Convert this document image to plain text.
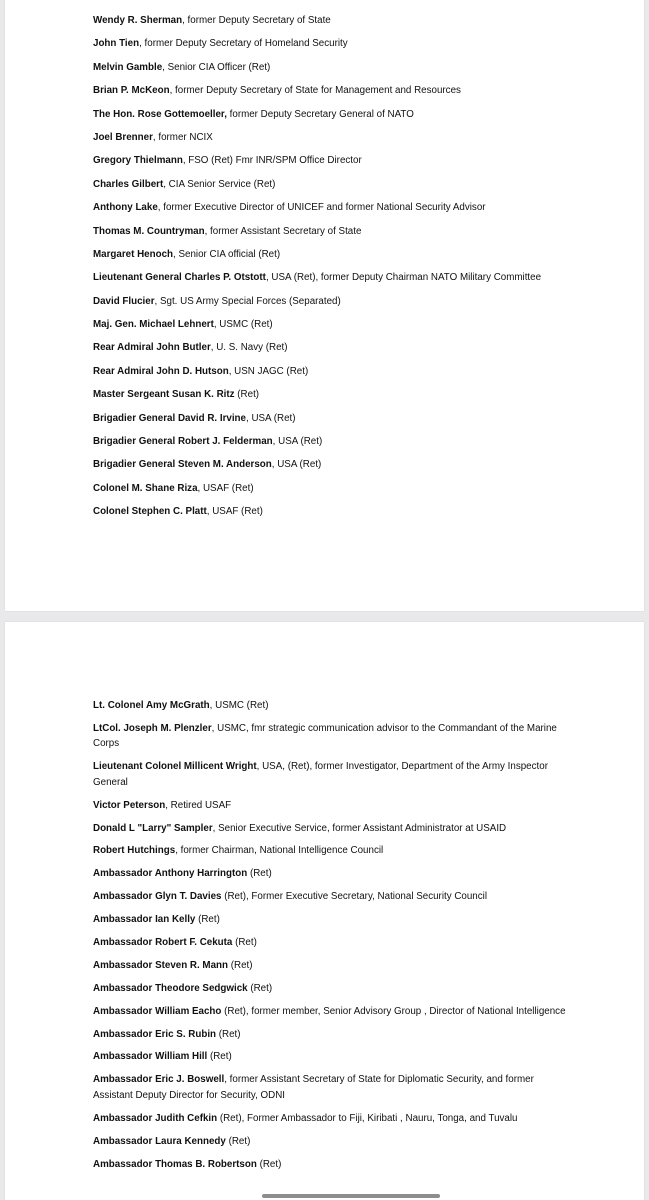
Wendy R. Sherman, former Deputy Secretary of State
John Tien, former Deputy Secretary of Homeland Security
Melvin Gamble, Senior CIA Officer (Ret)
Brian P. McKeon, former Deputy Secretary of State for Management and Resources
The Hon. Rose Gottemoeller, former Deputy Secretary General of NATO
Joel Brenner, former NCIX
Gregory Thielmann, FSO (Ret) Fmr INR/SPM Office Director
Charles Gilbert, CIA Senior Service (Ret)
Anthony Lake, former Executive Director of UNICEF and former National Security Advisor
Thomas M. Countryman, former Assistant Secretary of State
Margaret Henoch, Senior CIA official (Ret)
Lieutenant General Charles P. Otstott, USA (Ret), former Deputy Chairman NATO Military Committee
David Flucier, Sgt. US Army Special Forces (Separated)
Maj. Gen. Michael Lehnert, USMC (Ret)
Rear Admiral John Butler, U. S. Navy (Ret)
Rear Admiral John D. Hutson, USN JAGC (Ret)
Master Sergeant Susan K. Ritz (Ret)
Brigadier General David R. Irvine, USA (Ret)
Brigadier General Robert J. Felderman, USA (Ret)
Brigadier General Steven M. Anderson, USA (Ret)
Colonel M. Shane Riza, USAF (Ret)
Colonel Stephen C. Platt, USAF (Ret)
Lt. Colonel Amy McGrath, USMC (Ret)
LtCol. Joseph M. Plenzler, USMC, fmr strategic communication advisor to the Commandant of the Marine Corps
Lieutenant Colonel Millicent Wright, USA, (Ret), former Investigator, Department of the Army Inspector General
Victor Peterson, Retired USAF
Donald L "Larry" Sampler, Senior Executive Service, former Assistant Administrator at USAID
Robert Hutchings, former Chairman, National Intelligence Council
Ambassador Anthony Harrington (Ret)
Ambassador Glyn T. Davies (Ret), Former Executive Secretary, National Security Council
Ambassador Ian Kelly (Ret)
Ambassador Robert F. Cekuta (Ret)
Ambassador Steven R. Mann (Ret)
Ambassador Theodore Sedgwick (Ret)
Ambassador William Eacho (Ret), former member, Senior Advisory Group , Director of National Intelligence
Ambassador Eric S. Rubin (Ret)
Ambassador William Hill (Ret)
Ambassador Eric J. Boswell, former Assistant Secretary of State for Diplomatic Security, and former Assistant Deputy Director for Security, ODNI
Ambassador Judith Cefkin (Ret), Former Ambassador to Fiji, Kiribati , Nauru, Tonga, and Tuvalu
Ambassador Laura Kennedy (Ret)
Ambassador Thomas B. Robertson (Ret)
